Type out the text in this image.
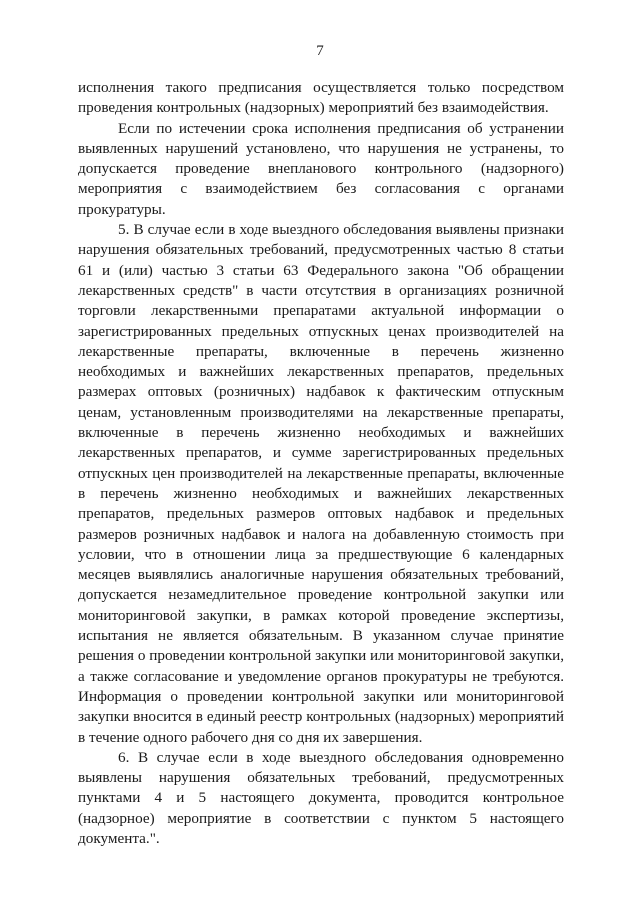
7

исполнения такого предписания осуществляется только посредством проведения контрольных (надзорных) мероприятий без взаимодействия.

Если по истечении срока исполнения предписания об устранении выявленных нарушений установлено, что нарушения не устранены, то допускается проведение внепланового контрольного (надзорного) мероприятия с взаимодействием без согласования с органами прокуратуры.

5. В случае если в ходе выездного обследования выявлены признаки нарушения обязательных требований, предусмотренных частью 8 статьи 61 и (или) частью 3 статьи 63 Федерального закона "Об обращении лекарственных средств" в части отсутствия в организациях розничной торговли лекарственными препаратами актуальной информации о зарегистрированных предельных отпускных ценах производителей на лекарственные препараты, включенные в перечень жизненно необходимых и важнейших лекарственных препаратов, предельных размерах оптовых (розничных) надбавок к фактическим отпускным ценам, установленным производителями на лекарственные препараты, включенные в перечень жизненно необходимых и важнейших лекарственных препаратов, и сумме зарегистрированных предельных отпускных цен производителей на лекарственные препараты, включенные в перечень жизненно необходимых и важнейших лекарственных препаратов, предельных размеров оптовых надбавок и предельных размеров розничных надбавок и налога на добавленную стоимость при условии, что в отношении лица за предшествующие 6 календарных месяцев выявлялись аналогичные нарушения обязательных требований, допускается незамедлительное проведение контрольной закупки или мониторинговой закупки, в рамках которой проведение экспертизы, испытания не является обязательным. В указанном случае принятие решения о проведении контрольной закупки или мониторинговой закупки, а также согласование и уведомление органов прокуратуры не требуются. Информация о проведении контрольной закупки или мониторинговой закупки вносится в единый реестр контрольных (надзорных) мероприятий в течение одного рабочего дня со дня их завершения.

6. В случае если в ходе выездного обследования одновременно выявлены нарушения обязательных требований, предусмотренных пунктами 4 и 5 настоящего документа, проводится контрольное (надзорное) мероприятие в соответствии с пунктом 5 настоящего документа.".
